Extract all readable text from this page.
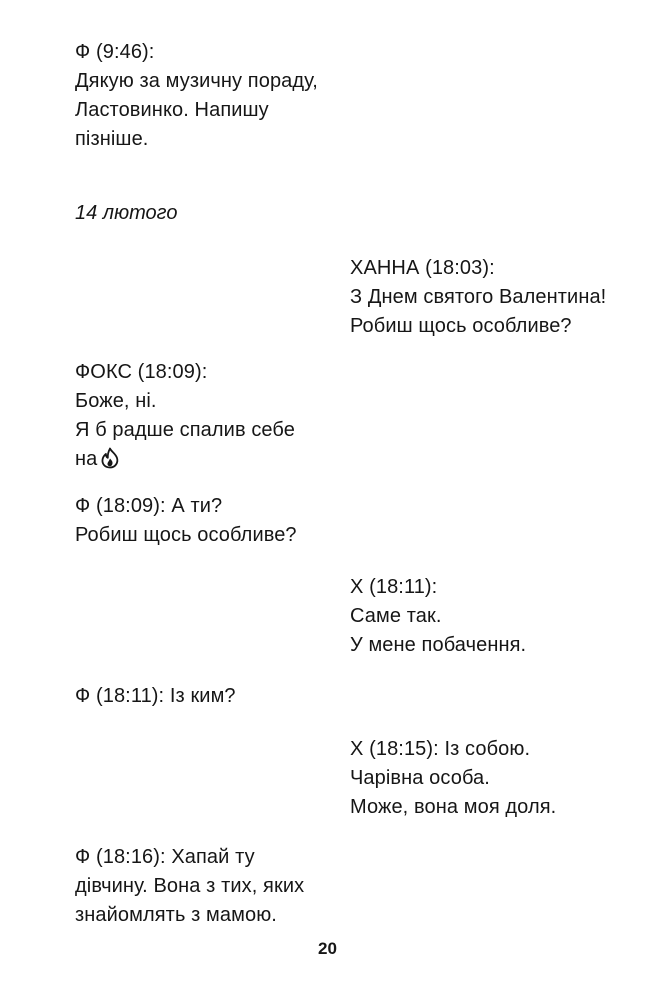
Ф (9:46):
Дякую за музичну пораду,
Ластовинко. Напишу
пізніше.
14 лютого
ХАННА (18:03):
З Днем святого Валентина!
Робиш щось особливе?
ФОКС (18:09):
Боже, ні.
Я б радше спалив себе
на
Ф (18:09): А ти?
Робиш щось особливе?
Х (18:11):
Саме так.
У мене побачення.
Ф (18:11): Із ким?
Х (18:15): Із собою.
Чарівна особа.
Може, вона моя доля.
Ф (18:16): Хапай ту
дівчину. Вона з тих, яких
знайомлять з мамою.
20
